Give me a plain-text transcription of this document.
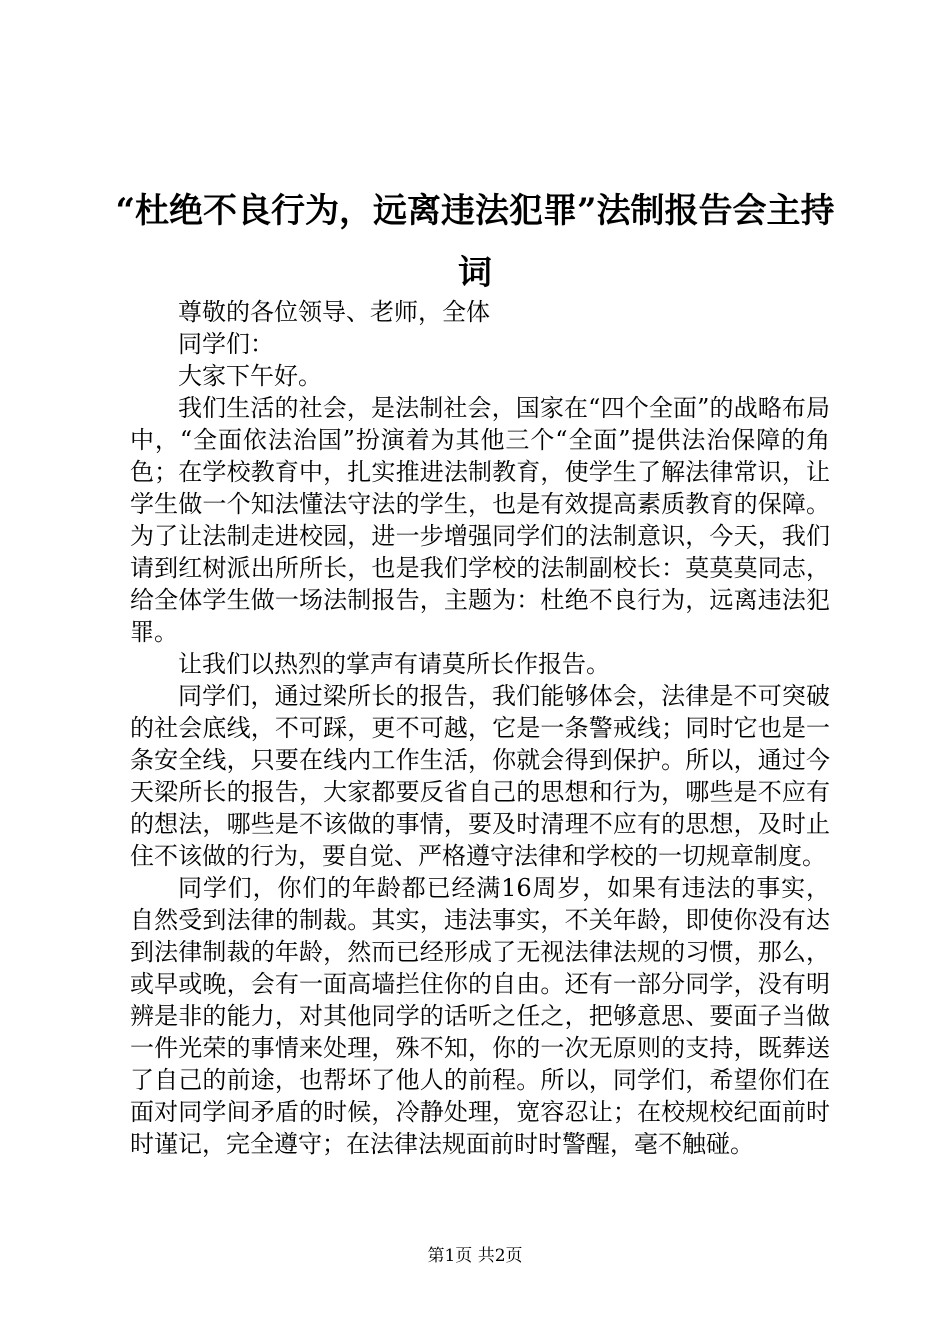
“杜绝不良行为，远离违法犯罪”法制报告会主持词

尊敬的各位领导、老师，全体

同学们：

大家下午好。

我们生活的社会，是法制社会，国家在“四个全面”的战略布局中，“全面依法治国”扮演着为其他三个“全面”提供法治保障的角色；在学校教育中，扎实推进法制教育，使学生了解法律常识，让学生做一个知法懂法守法的学生，也是有效提高素质教育的保障。为了让法制走进校园，进一步增强同学们的法制意识，今天，我们请到红树派出所所长，也是我们学校的法制副校长：莫莫莫同志，给全体学生做一场法制报告，主题为：杜绝不良行为，远离违法犯罪。

让我们以热烈的掌声有请莫所长作报告。

同学们，通过梁所长的报告，我们能够体会，法律是不可突破的社会底线，不可踩，更不可越，它是一条警戒线；同时它也是一条安全线，只要在线内工作生活，你就会得到保护。所以，通过今天梁所长的报告，大家都要反省自己的思想和行为，哪些是不应有的想法，哪些是不该做的事情，要及时清理不应有的思想，及时止住不该做的行为，要自觉、严格遵守法律和学校的一切规章制度。

同学们，你们的年龄都已经满16周岁，如果有违法的事实，自然受到法律的制裁。其实，违法事实，不关年龄，即使你没有达到法律制裁的年龄，然而已经形成了无视法律法规的习惯，那么，或早或晚，会有一面高墙拦住你的自由。还有一部分同学，没有明辨是非的能力，对其他同学的话听之任之，把够意思、要面子当做一件光荣的事情来处理，殊不知，你的一次无原则的支持，既葬送了自己的前途，也帮坏了他人的前程。所以，同学们，希望你们在面对同学间矛盾的时候，冷静处理，宽容忍让；在校规校纪面前时时谨记，完全遵守；在法律法规面前时时警醒，毫不触碰。

第1页 共2页
